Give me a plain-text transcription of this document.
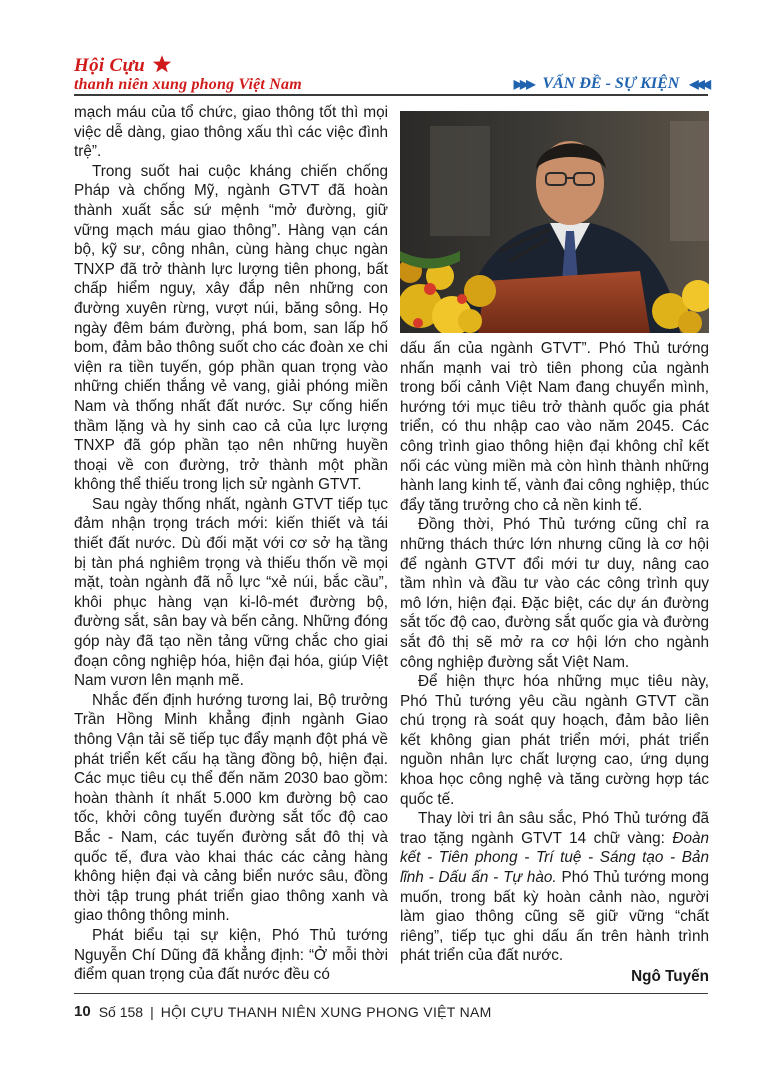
Hội Cựu
thanh niên xung phong Việt Nam	▶▶▶ VẤN ĐỀ - SỰ KIỆN ◀◀◀

mạch máu của tổ chức, giao thông tốt thì mọi việc dễ dàng, giao thông xấu thì các việc đình trệ”.

Trong suốt hai cuộc kháng chiến chống Pháp và chống Mỹ, ngành GTVT đã hoàn thành xuất sắc sứ mệnh “mở đường, giữ vững mạch máu giao thông”. Hàng vạn cán bộ, kỹ sư, công nhân, cùng hàng chục ngàn TNXP đã trở thành lực lượng tiên phong, bất chấp hiểm nguy, xây đắp nên những con đường xuyên rừng, vượt núi, băng sông. Họ ngày đêm bám đường, phá bom, san lấp hố bom, đảm bảo thông suốt cho các đoàn xe chi viện ra tiền tuyến, góp phần quan trọng vào những chiến thắng vẻ vang, giải phóng miền Nam và thống nhất đất nước. Sự cống hiến thầm lặng và hy sinh cao cả của lực lượng TNXP đã góp phần tạo nên những huyền thoại về con đường, trở thành một phần không thể thiếu trong lịch sử ngành GTVT.

Sau ngày thống nhất, ngành GTVT tiếp tục đảm nhận trọng trách mới: kiến thiết và tái thiết đất nước. Dù đối mặt với cơ sở hạ tầng bị tàn phá nghiêm trọng và thiếu thốn về mọi mặt, toàn ngành đã nỗ lực “xẻ núi, bắc cầu”, khôi phục hàng vạn ki-lô-mét đường bộ, đường sắt, sân bay và bến cảng. Những đóng góp này đã tạo nền tảng vững chắc cho giai đoạn công nghiệp hóa, hiện đại hóa, giúp Việt Nam vươn lên mạnh mẽ.

Nhắc đến định hướng tương lai, Bộ trưởng Trần Hồng Minh khẳng định ngành Giao thông Vận tải sẽ tiếp tục đẩy mạnh đột phá về phát triển kết cấu hạ tầng đồng bộ, hiện đại. Các mục tiêu cụ thể đến năm 2030 bao gồm: hoàn thành ít nhất 5.000 km đường bộ cao tốc, khởi công tuyến đường sắt tốc độ cao Bắc - Nam, các tuyến đường sắt đô thị và quốc tế, đưa vào khai thác các cảng hàng không hiện đại và cảng biển nước sâu, đồng thời tập trung phát triển giao thông xanh và giao thông thông minh.

Phát biểu tại sự kiện, Phó Thủ tướng Nguyễn Chí Dũng đã khẳng định: “Ở mỗi thời điểm quan trọng của đất nước đều có

dấu ấn của ngành GTVT”. Phó Thủ tướng nhấn mạnh vai trò tiên phong của ngành trong bối cảnh Việt Nam đang chuyển mình, hướng tới mục tiêu trở thành quốc gia phát triển, có thu nhập cao vào năm 2045. Các công trình giao thông hiện đại không chỉ kết nối các vùng miền mà còn hình thành những hành lang kinh tế, vành đai công nghiệp, thúc đẩy tăng trưởng cho cả nền kinh tế.

Đồng thời, Phó Thủ tướng cũng chỉ ra những thách thức lớn nhưng cũng là cơ hội để ngành GTVT đổi mới tư duy, nâng cao tầm nhìn và đầu tư vào các công trình quy mô lớn, hiện đại. Đặc biệt, các dự án đường sắt tốc độ cao, đường sắt quốc gia và đường sắt đô thị sẽ mở ra cơ hội lớn cho ngành công nghiệp đường sắt Việt Nam.

Để hiện thực hóa những mục tiêu này, Phó Thủ tướng yêu cầu ngành GTVT cần chú trọng rà soát quy hoạch, đảm bảo liên kết không gian phát triển mới, phát triển nguồn nhân lực chất lượng cao, ứng dụng khoa học công nghệ và tăng cường hợp tác quốc tế.

Thay lời tri ân sâu sắc, Phó Thủ tướng đã trao tặng ngành GTVT 14 chữ vàng: Đoàn kết - Tiên phong - Trí tuệ - Sáng tạo - Bản lĩnh - Dấu ấn - Tự hào. Phó Thủ tướng mong muốn, trong bất kỳ hoàn cảnh nào, người làm giao thông cũng sẽ giữ vững “chất riêng”, tiếp tục ghi dấu ấn trên hành trình phát triển của đất nước.

Ngô Tuyến
10 Số 158 | HỘI CỰU THANH NIÊN XUNG PHONG VIỆT NAM
